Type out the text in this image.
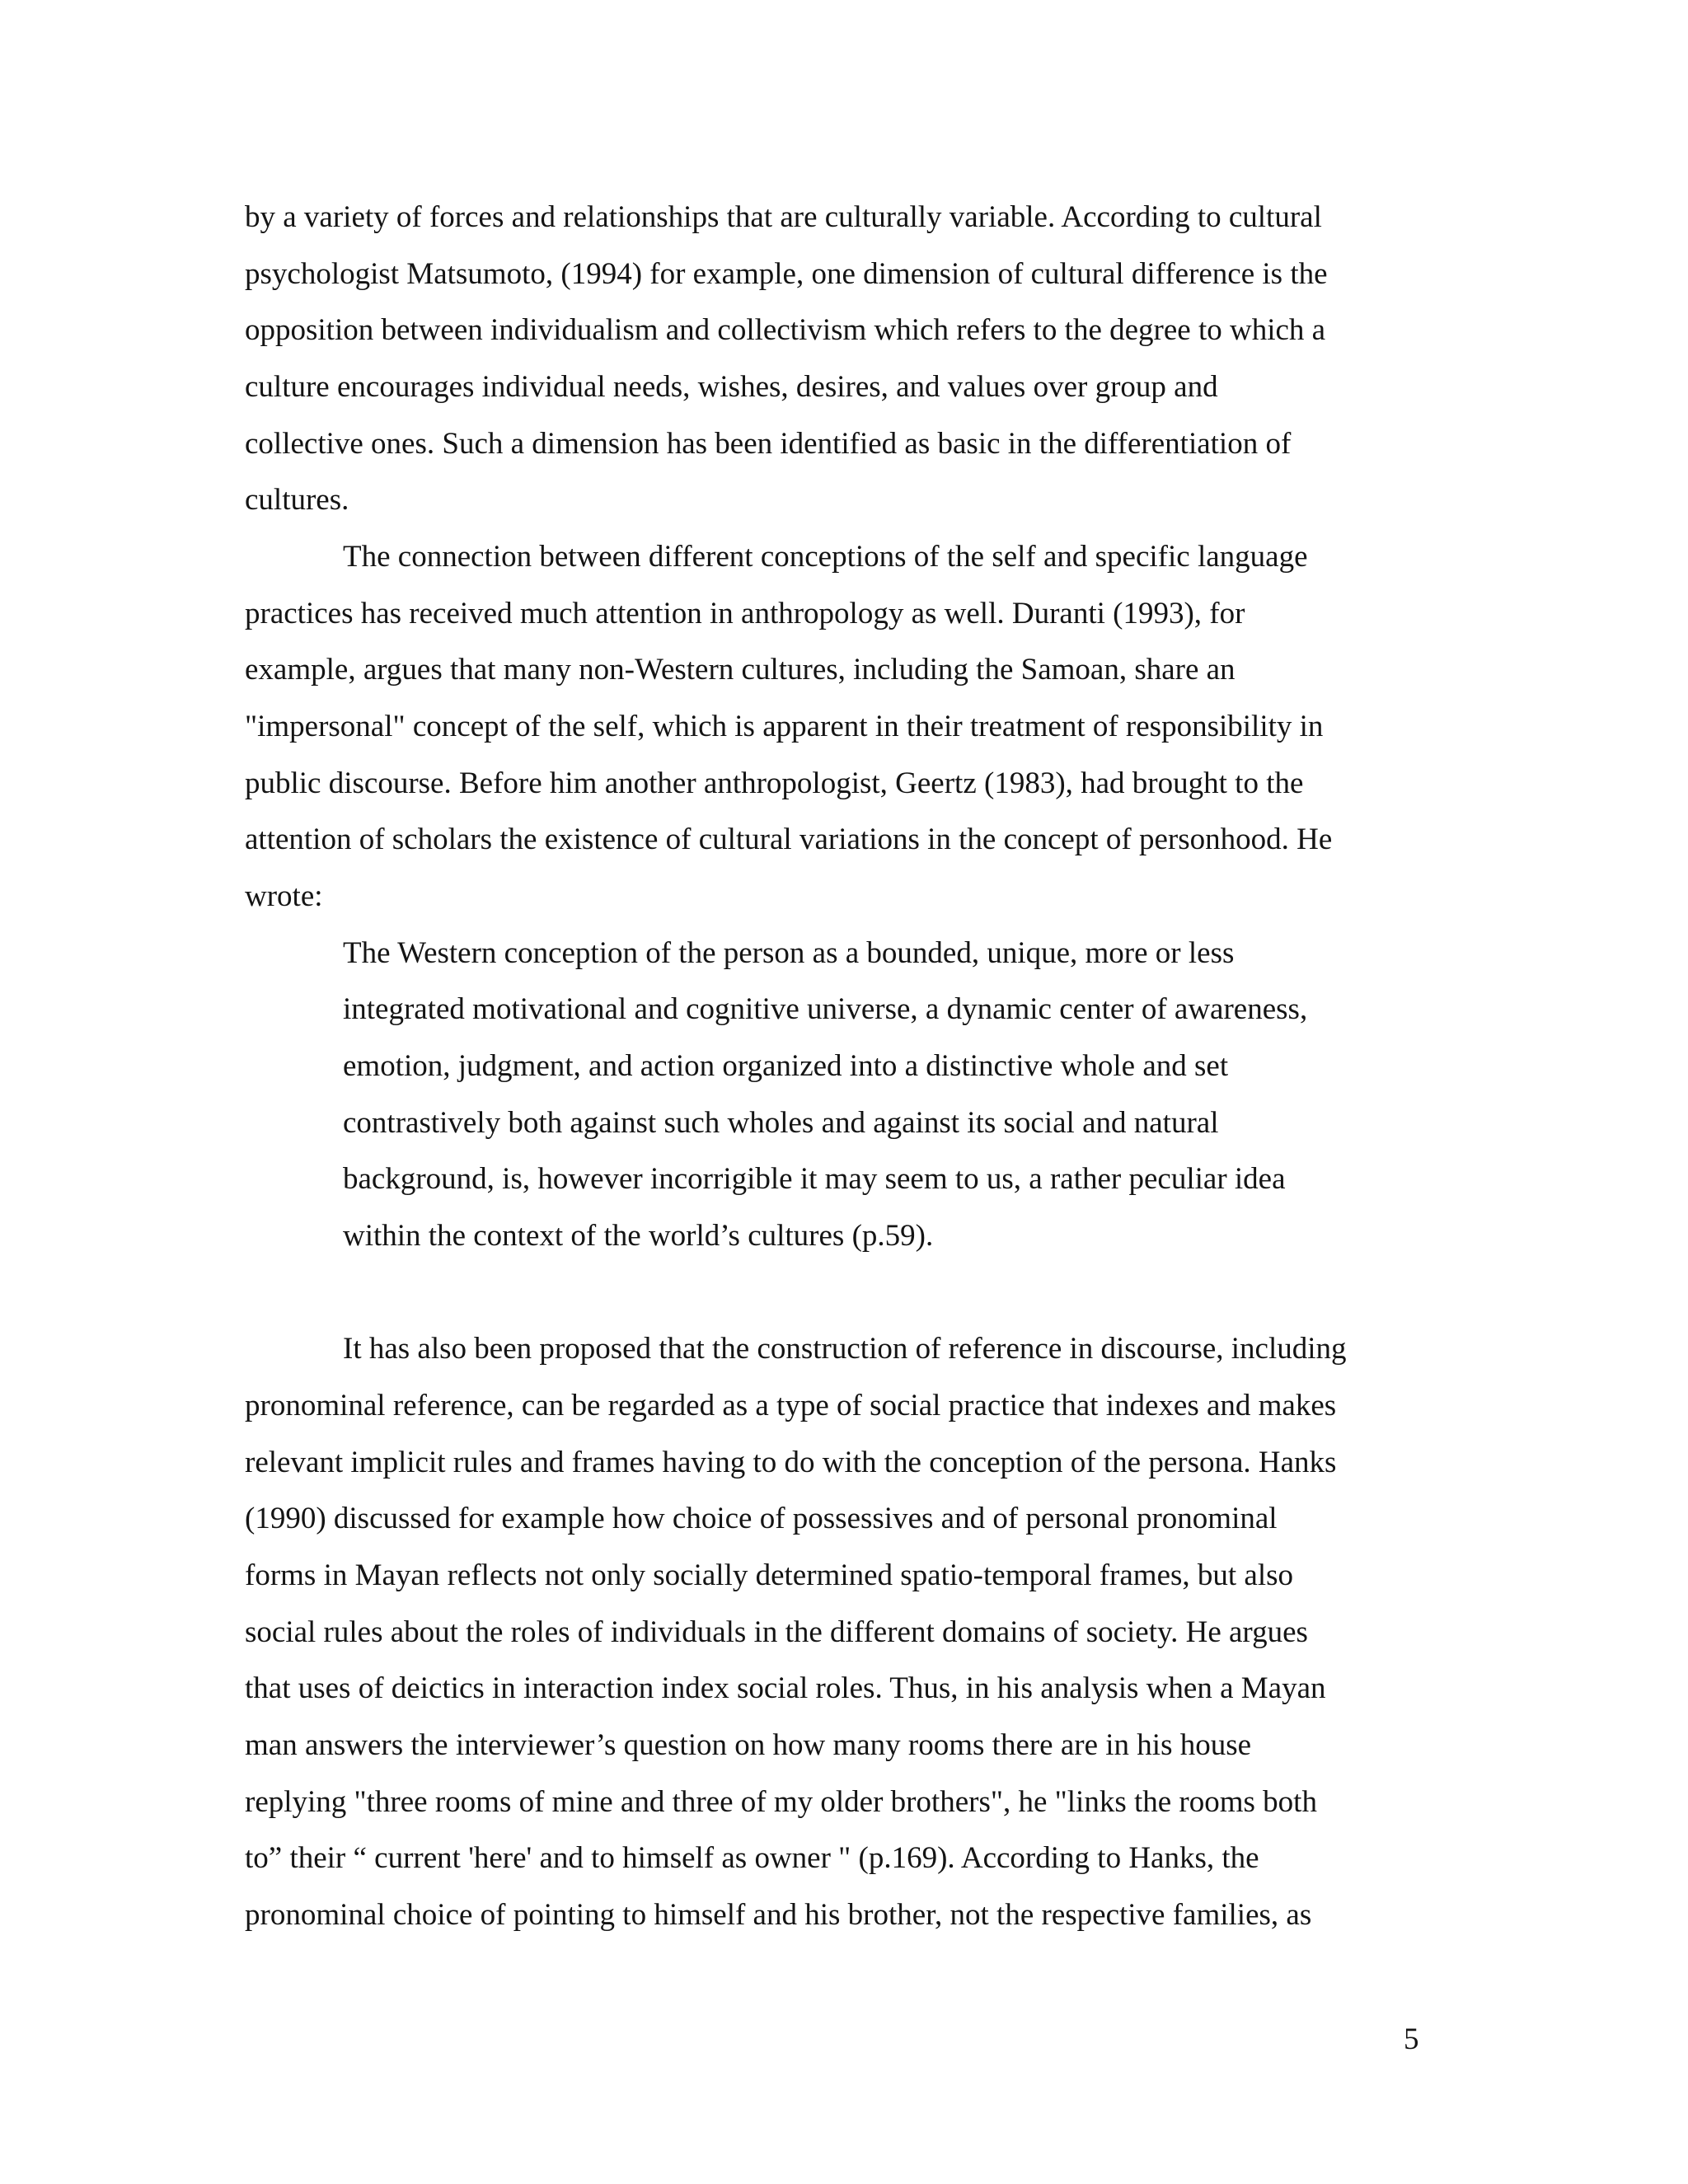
by a variety of forces and relationships that are culturally variable. According to cultural
psychologist Matsumoto, (1994) for example, one dimension of cultural difference is the
opposition between individualism and collectivism which refers to the degree to which a
culture encourages individual needs, wishes, desires, and values over group and
collective ones. Such a dimension has been identified as basic in the differentiation of
cultures.
The connection between different conceptions of the self and specific language
practices has received much attention in anthropology as well. Duranti (1993), for
example, argues that many non-Western cultures, including the Samoan, share an
"impersonal" concept of the self, which is apparent in their treatment of responsibility in
public discourse. Before him another anthropologist, Geertz (1983), had brought to the
attention of scholars the existence of cultural variations in the concept of personhood. He
wrote:
The Western conception of the person as a bounded, unique, more or less
integrated motivational and cognitive universe, a dynamic center of awareness,
emotion, judgment, and action organized into a distinctive whole and set
contrastively both against such wholes and against its social and natural
background, is, however incorrigible it may seem to us, a rather peculiar idea
within the context of the world’s cultures (p.59).
It has also been proposed that the construction of reference in discourse, including
pronominal reference, can be regarded as a type of social practice that indexes and makes
relevant implicit rules and frames having to do with the conception of the persona. Hanks
(1990) discussed for example how choice of possessives and of personal pronominal
forms in Mayan reflects not only socially determined spatio-temporal frames, but also
social rules about the roles of individuals in the different domains of society. He argues
that uses of deictics in interaction index social roles. Thus, in his analysis when a Mayan
man answers the interviewer’s question on how many rooms there are in his house
replying "three rooms of mine and three of my older brothers", he "links the rooms both
to” their “ current 'here' and to himself as owner " (p.169). According to Hanks, the
pronominal choice of pointing to himself and his brother, not the respective families, as
5
